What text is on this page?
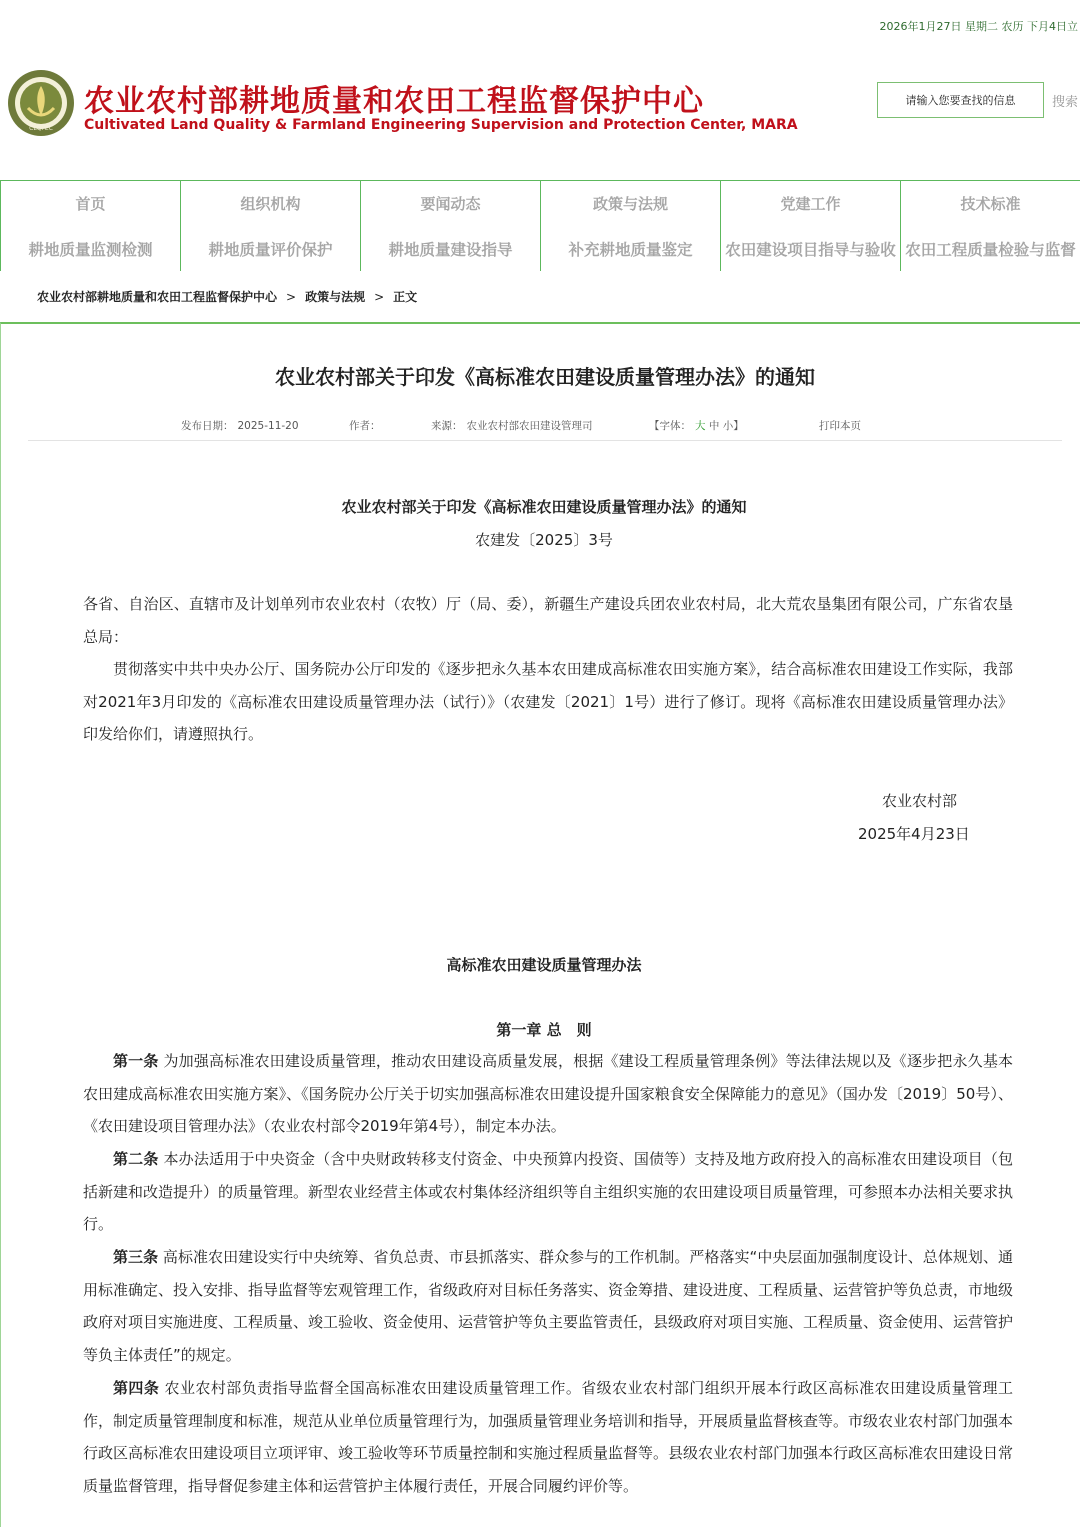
2026年1月27日 星期二 农历 下月4日立
CLQFEC
农业农村部耕地质量和农田工程监督保护中心
Cultivated Land Quality & Farmland Engineering Supervision and Protection Center, MARA
请输入您要查找的信息	搜索
首页	组织机构	要闻动态	政策与法规	党建工作	技术标准
耕地质量监测检测	耕地质量评价保护	耕地质量建设指导	补充耕地质量鉴定	农田建设项目指导与验收 农田工程质量检验与监督
农业农村部耕地质量和农田工程监督保护中心 > 政策与法规 > 正文
农业农村部关于印发《高标准农田建设质量管理办法》的通知
发布日期： 2025-11-20	作者：	来源： 农业农村部农田建设管理司	【字体： 大 中 小】	打印本页
农业农村部关于印发《高标准农田建设质量管理办法》的通知
农建发〔2025〕3号
各省、自治区、直辖市及计划单列市农业农村（农牧）厅（局、委），新疆生产建设兵团农业农村局，北大荒农垦集团有限公司，广东省农垦总局：
贯彻落实中共中央办公厅、国务院办公厅印发的《逐步把永久基本农田建成高标准农田实施方案》，结合高标准农田建设工作实际，我部对2021年3月印发的《高标准农田建设质量管理办法（试行）》（农建发〔2021〕1号）进行了修订。现将《高标准农田建设质量管理办法》印发给你们，请遵照执行。
农业农村部
2025年4月23日
高标准农田建设质量管理办法
第一章 总　则
第一条 为加强高标准农田建设质量管理，推动农田建设高质量发展，根据《建设工程质量管理条例》等法律法规以及《逐步把永久基本农田建成高标准农田实施方案》、《国务院办公厅关于切实加强高标准农田建设提升国家粮食安全保障能力的意见》（国办发〔2019〕50号）、《农田建设项目管理办法》（农业农村部令2019年第4号），制定本办法。
第二条 本办法适用于中央资金（含中央财政转移支付资金、中央预算内投资、国债等）支持及地方政府投入的高标准农田建设项目（包括新建和改造提升）的质量管理。新型农业经营主体或农村集体经济组织等自主组织实施的农田建设项目质量管理，可参照本办法相关要求执行。
第三条 高标准农田建设实行中央统筹、省负总责、市县抓落实、群众参与的工作机制。严格落实“中央层面加强制度设计、总体规划、通用标准确定、投入安排、指导监督等宏观管理工作，省级政府对目标任务落实、资金筹措、建设进度、工程质量、运营管护等负总责，市地级政府对项目实施进度、工程质量、竣工验收、资金使用、运营管护等负主要监管责任，县级政府对项目实施、工程质量、资金使用、运营管护等负主体责任”的规定。
第四条 农业农村部负责指导监督全国高标准农田建设质量管理工作。省级农业农村部门组织开展本行政区高标准农田建设质量管理工作，制定质量管理制度和标准，规范从业单位质量管理行为，加强质量管理业务培训和指导，开展质量监督核查等。市级农业农村部门加强本行政区高标准农田建设项目立项评审、竣工验收等环节质量控制和实施过程质量监督等。县级农业农村部门加强本行政区高标准农田建设日常质量监督管理，指导督促参建主体和运营管护主体履行责任，开展合同履约评价等。
